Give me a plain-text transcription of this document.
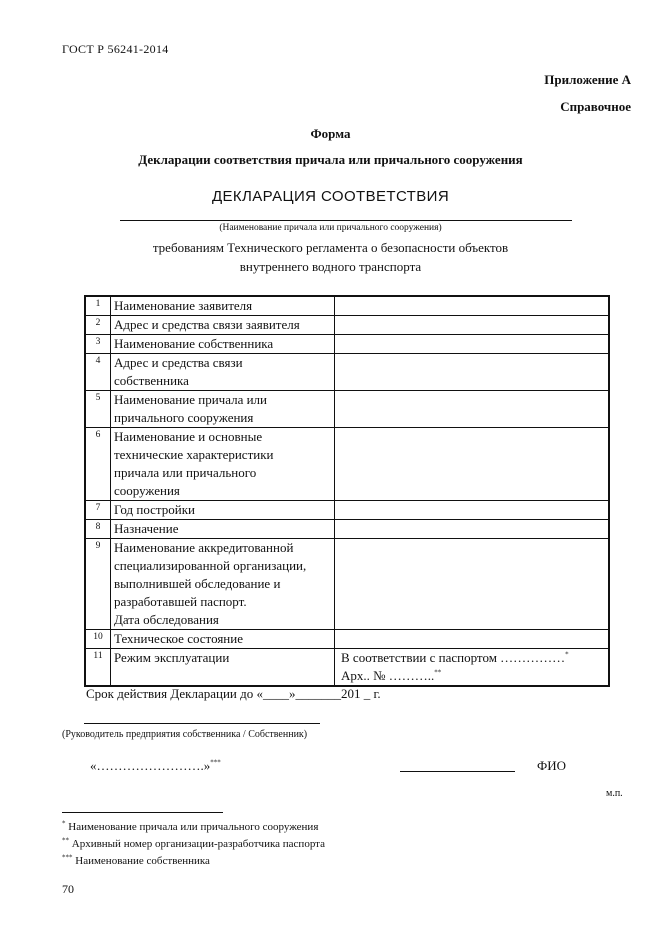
ГОСТ Р 56241-2014
Приложение А
Справочное
Форма
Декларации соответствия причала или причального сооружения
ДЕКЛАРАЦИЯ СООТВЕТСТВИЯ
(Наименование причала или причального сооружения)
требованиям Технического регламента о безопасности объектов
внутреннего водного транспорта
1	Наименование заявителя	
2	Адрес и средства связи заявителя	
3	Наименование собственника	
4	Адрес и средства связи
собственника	
5	Наименование причала или
причального сооружения	
6	Наименование и основные
технические характеристики
причала или причального
сооружения	
7	Год постройки	
8	Назначение	
9	Наименование аккредитованной
специализированной организации,
выполнившей обследование и
разработавшей паспорт.
Дата обследования	
10	Техническое состояние	
11	Режим эксплуатации	В соответствии с паспортом ……………*
Арх.. № ………..**
Срок действия Декларации до «____»_______201 _ г.
(Руководитель предприятия собственника / Собственник)
«…………………….»***	ФИО
м.п.
* Наименование причала или причального сооружения
** Архивный номер организации-разработчика паспорта
*** Наименование собственника
70
